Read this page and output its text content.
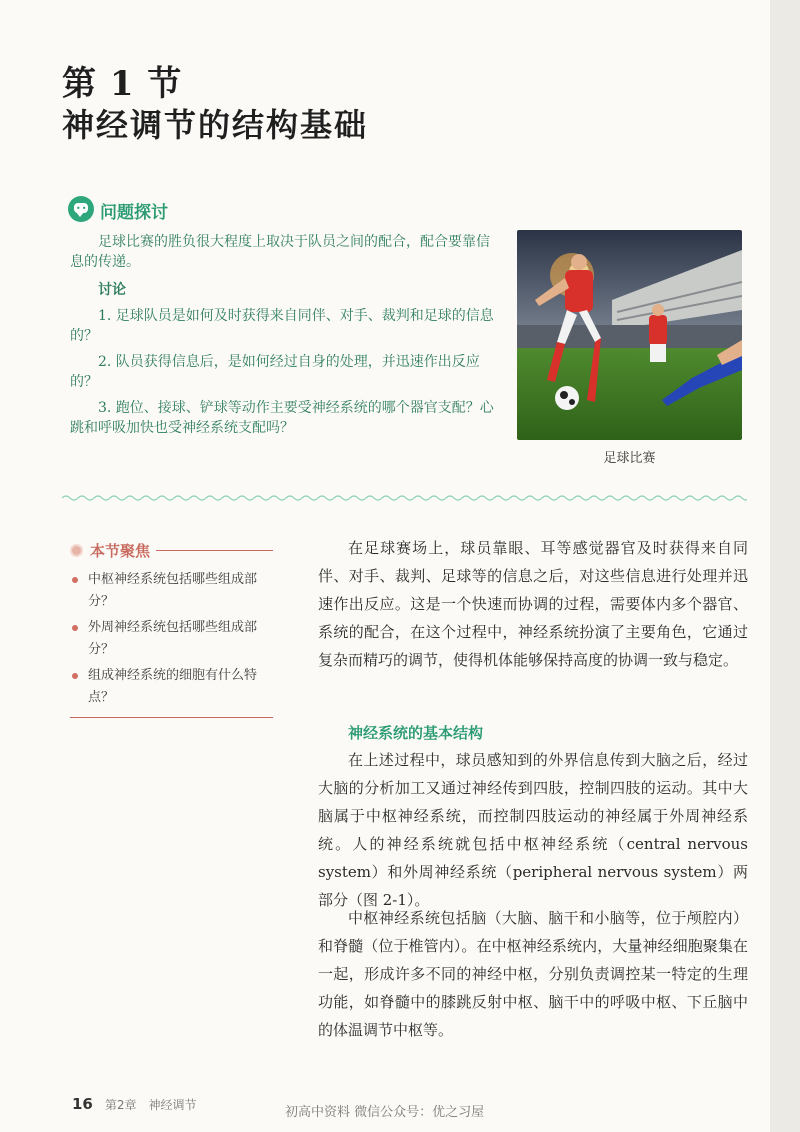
第 1 节
神经调节的结构基础
••• 问题探讨

足球比赛的胜负很大程度上取决于队员之间的配合，配合要靠信息的传递。

讨论

1. 足球队员是如何及时获得来自同伴、对手、裁判和足球的信息的？

2. 队员获得信息后，是如何经过自身的处理，并迅速作出反应的？

3. 跑位、接球、铲球等动作主要受神经系统的哪个器官支配？心跳和呼吸加快也受神经系统支配吗？

足球比赛
本节聚焦
中枢神经系统包括哪些组成部分？
外周神经系统包括哪些组成部分？
组成神经系统的细胞有什么特点？

在足球赛场上，球员靠眼、耳等感觉器官及时获得来自同伴、对手、裁判、足球等的信息之后，对这些信息进行处理并迅速作出反应。这是一个快速而协调的过程，需要体内多个器官、系统的配合，在这个过程中，神经系统扮演了主要角色，它通过复杂而精巧的调节，使得机体能够保持高度的协调一致与稳定。

神经系统的基本结构

在上述过程中，球员感知到的外界信息传到大脑之后，经过大脑的分析加工又通过神经传到四肢，控制四肢的运动。其中大脑属于中枢神经系统，而控制四肢运动的神经属于外周神经系统。人的神经系统就包括中枢神经系统（central nervous system）和外周神经系统（peripheral nervous system）两部分（图 2-1）。

中枢神经系统包括脑（大脑、脑干和小脑等，位于颅腔内）和脊髓（位于椎管内）。在中枢神经系统内，大量神经细胞聚集在一起，形成许多不同的神经中枢，分别负责调控某一特定的生理功能，如脊髓中的膝跳反射中枢、脑干中的呼吸中枢、下丘脑中的体温调节中枢等。

16 第2章 神经调节	初高中资料 微信公众号：优之习屋
